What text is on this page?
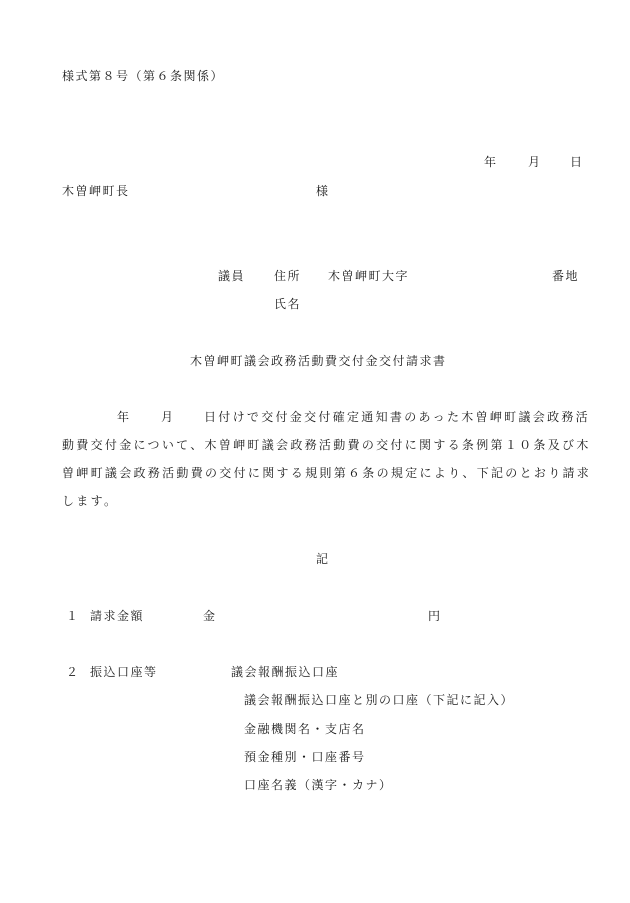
様式第８号（第６条関係）
年	月 日
木曽岬町長	様
議員 住所 木曽岬町大字	番地
氏名
木曽岬町議会政務活動費交付金交付請求書
年 月 日付けで交付金交付確定通知書のあった木曽岬町議会政務活
動費交付金について、木曽岬町議会政務活動費の交付に関する条例第１０条及び木
曽岬町議会政務活動費の交付に関する規則第６条の規定により、下記のとおり請求
します。
記
１ 請求金額	金	円
２ 振込口座等	議会報酬振込口座
議会報酬振込口座と別の口座（下記に記入）
金融機関名・支店名
預金種別・口座番号
口座名義（漢字・カナ）
